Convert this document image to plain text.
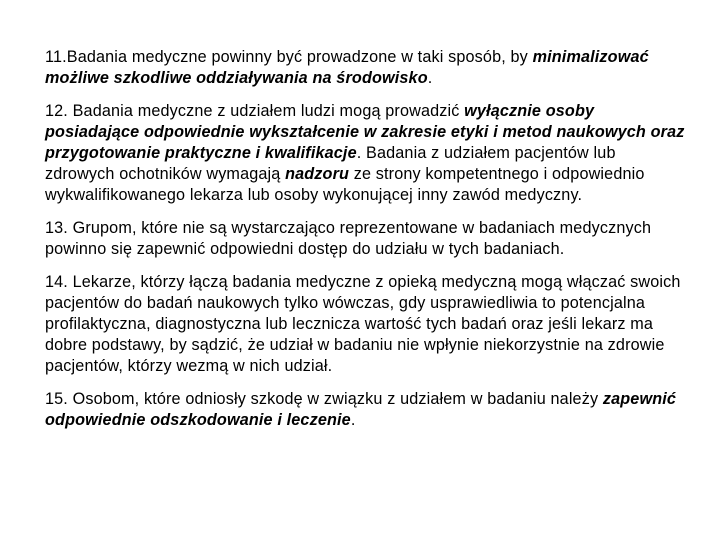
11.Badania medyczne powinny być prowadzone w taki sposób, by minimalizować możliwe szkodliwe oddziaływania na środowisko.

12. Badania medyczne z udziałem ludzi mogą prowadzić wyłącznie osoby posiadające odpowiednie wykształcenie w zakresie etyki i metod naukowych oraz przygotowanie praktyczne i kwalifikacje. Badania z udziałem pacjentów lub zdrowych ochotników wymagają nadzoru ze strony kompetentnego i odpowiednio wykwalifikowanego lekarza lub osoby wykonującej inny zawód medyczny.

13. Grupom, które nie są wystarczająco reprezentowane w badaniach medycznych powinno się zapewnić odpowiedni dostęp do udziału w tych badaniach.

14. Lekarze, którzy łączą badania medyczne z opieką medyczną mogą włączać swoich pacjentów do badań naukowych tylko wówczas, gdy usprawiedliwia to potencjalna profilaktyczna, diagnostyczna lub lecznicza wartość tych badań oraz jeśli lekarz ma dobre podstawy, by sądzić, że udział w badaniu nie wpłynie niekorzystnie na zdrowie pacjentów, którzy wezmą w nich udział.

15. Osobom, które odniosły szkodę w związku z udziałem w badaniu należy zapewnić odpowiednie odszkodowanie i leczenie.
